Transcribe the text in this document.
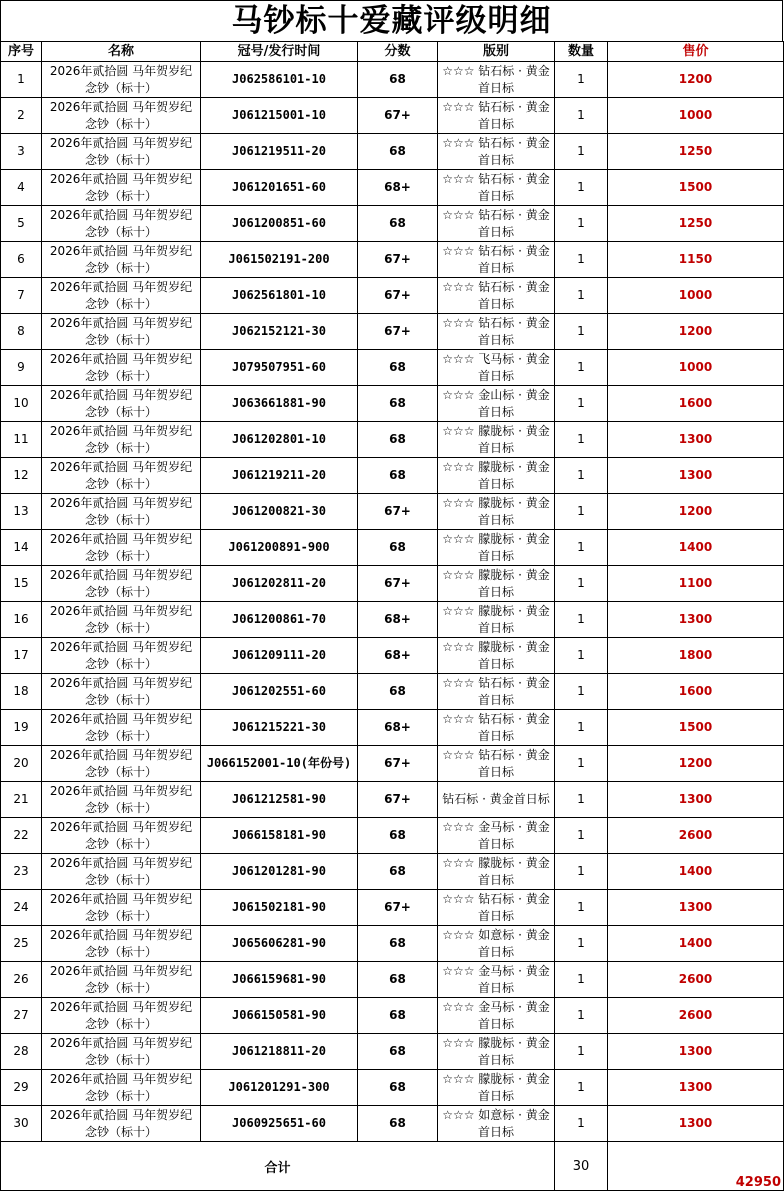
马钞标十爱藏评级明细
序号	名称	冠号/发行时间	分数	版别	数量	售价
1	2026年贰拾圆 马年贺岁纪念钞（标十）	J062586101-10	68	☆☆☆ 钻石标 · 黄金首日标	1	1200
2	2026年贰拾圆 马年贺岁纪念钞（标十）	J061215001-10	67+	☆☆☆ 钻石标 · 黄金首日标	1	1000
3	2026年贰拾圆 马年贺岁纪念钞（标十）	J061219511-20	68	☆☆☆ 钻石标 · 黄金首日标	1	1250
4	2026年贰拾圆 马年贺岁纪念钞（标十）	J061201651-60	68+	☆☆☆ 钻石标 · 黄金首日标	1	1500
5	2026年贰拾圆 马年贺岁纪念钞（标十）	J061200851-60	68	☆☆☆ 钻石标 · 黄金首日标	1	1250
6	2026年贰拾圆 马年贺岁纪念钞（标十）	J061502191-200	67+	☆☆☆ 钻石标 · 黄金首日标	1	1150
7	2026年贰拾圆 马年贺岁纪念钞（标十）	J062561801-10	67+	☆☆☆ 钻石标 · 黄金首日标	1	1000
8	2026年贰拾圆 马年贺岁纪念钞（标十）	J062152121-30	67+	☆☆☆ 钻石标 · 黄金首日标	1	1200
9	2026年贰拾圆 马年贺岁纪念钞（标十）	J079507951-60	68	☆☆☆ 飞马标 · 黄金首日标	1	1000
10	2026年贰拾圆 马年贺岁纪念钞（标十）	J063661881-90	68	☆☆☆ 金山标 · 黄金首日标	1	1600
11	2026年贰拾圆 马年贺岁纪念钞（标十）	J061202801-10	68	☆☆☆ 朦胧标 · 黄金首日标	1	1300
12	2026年贰拾圆 马年贺岁纪念钞（标十）	J061219211-20	68	☆☆☆ 朦胧标 · 黄金首日标	1	1300
13	2026年贰拾圆 马年贺岁纪念钞（标十）	J061200821-30	67+	☆☆☆ 朦胧标 · 黄金首日标	1	1200
14	2026年贰拾圆 马年贺岁纪念钞（标十）	J061200891-900	68	☆☆☆ 朦胧标 · 黄金首日标	1	1400
15	2026年贰拾圆 马年贺岁纪念钞（标十）	J061202811-20	67+	☆☆☆ 朦胧标 · 黄金首日标	1	1100
16	2026年贰拾圆 马年贺岁纪念钞（标十）	J061200861-70	68+	☆☆☆ 朦胧标 · 黄金首日标	1	1300
17	2026年贰拾圆 马年贺岁纪念钞（标十）	J061209111-20	68+	☆☆☆ 朦胧标 · 黄金首日标	1	1800
18	2026年贰拾圆 马年贺岁纪念钞（标十）	J061202551-60	68	☆☆☆ 钻石标 · 黄金首日标	1	1600
19	2026年贰拾圆 马年贺岁纪念钞（标十）	J061215221-30	68+	☆☆☆ 钻石标 · 黄金首日标	1	1500
20	2026年贰拾圆 马年贺岁纪念钞（标十）	J066152001-10(年份号)	67+	☆☆☆ 钻石标 · 黄金首日标	1	1200
21	2026年贰拾圆 马年贺岁纪念钞（标十）	J061212581-90	67+	钻石标 · 黄金首日标	1	1300
22	2026年贰拾圆 马年贺岁纪念钞（标十）	J066158181-90	68	☆☆☆ 金马标 · 黄金首日标	1	2600
23	2026年贰拾圆 马年贺岁纪念钞（标十）	J061201281-90	68	☆☆☆ 朦胧标 · 黄金首日标	1	1400
24	2026年贰拾圆 马年贺岁纪念钞（标十）	J061502181-90	67+	☆☆☆ 钻石标 · 黄金首日标	1	1300
25	2026年贰拾圆 马年贺岁纪念钞（标十）	J065606281-90	68	☆☆☆ 如意标 · 黄金首日标	1	1400
26	2026年贰拾圆 马年贺岁纪念钞（标十）	J066159681-90	68	☆☆☆ 金马标 · 黄金首日标	1	2600
27	2026年贰拾圆 马年贺岁纪念钞（标十）	J066150581-90	68	☆☆☆ 金马标 · 黄金首日标	1	2600
28	2026年贰拾圆 马年贺岁纪念钞（标十）	J061218811-20	68	☆☆☆ 朦胧标 · 黄金首日标	1	1300
29	2026年贰拾圆 马年贺岁纪念钞（标十）	J061201291-300	68	☆☆☆ 朦胧标 · 黄金首日标	1	1300
30	2026年贰拾圆 马年贺岁纪念钞（标十）	J060925651-60	68	☆☆☆ 如意标 · 黄金首日标	1	1300
合计					30	42950
